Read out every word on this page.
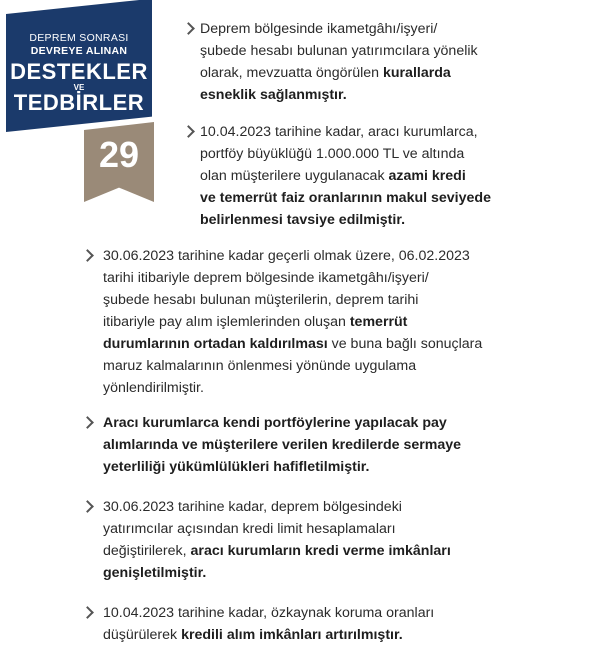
DEPREM SONRASI
DEVREYE ALINAN
DESTEKLER
VE
TEDBİRLER
29
Deprem bölgesinde ikametgâhı/işyeri/
şubede hesabı bulunan yatırımcılara yönelik
olarak, mevzuatta öngörülen kurallarda
esneklik sağlanmıştır.
10.04.2023 tarihine kadar, aracı kurumlarca,
portföy büyüklüğü 1.000.000 TL ve altında
olan müşterilere uygulanacak azami kredi
ve temerrüt faiz oranlarının makul seviyede
belirlenmesi tavsiye edilmiştir.
30.06.2023 tarihine kadar geçerli olmak üzere, 06.02.2023
tarihi itibariyle deprem bölgesinde ikametgâhı/işyeri/
şubede hesabı bulunan müşterilerin, deprem tarihi
itibariyle pay alım işlemlerinden oluşan temerrüt
durumlarının ortadan kaldırılması ve buna bağlı sonuçlara
maruz kalmalarının önlenmesi yönünde uygulama
yönlendirilmiştir.
Aracı kurumlarca kendi portföylerine yapılacak pay
alımlarında ve müşterilere verilen kredilerde sermaye
yeterliliği yükümlülükleri hafifletilmiştir.
30.06.2023 tarihine kadar, deprem bölgesindeki
yatırımcılar açısından kredi limit hesaplamaları
değiştirilerek, aracı kurumların kredi verme imkânları
genişletilmiştir.
10.04.2023 tarihine kadar, özkaynak koruma oranları
düşürülerek kredili alım imkânları artırılmıştır.
